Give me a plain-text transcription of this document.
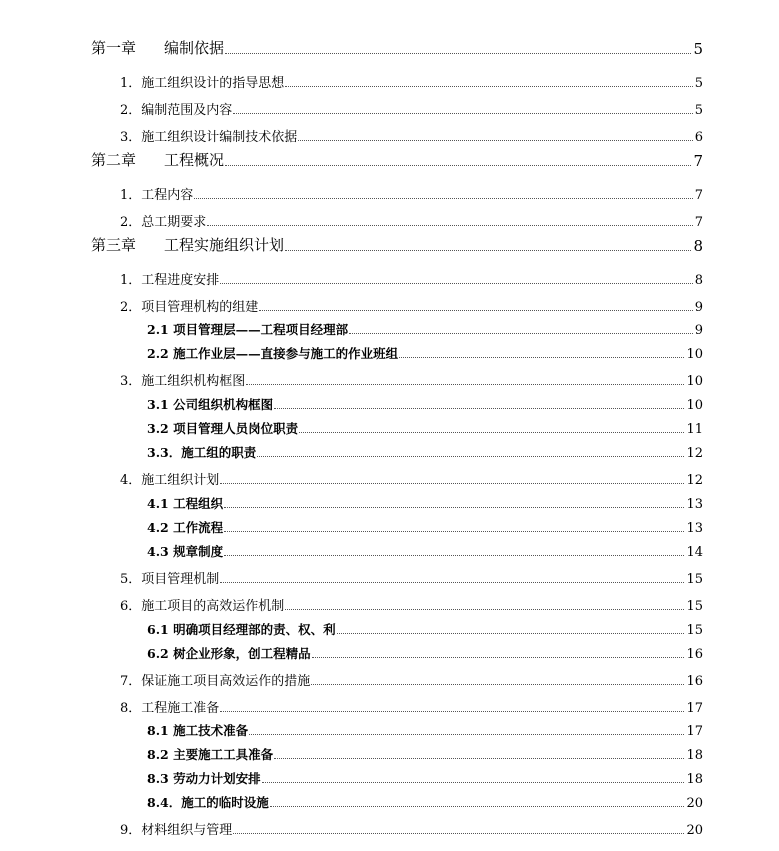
第一章 编制依据	5
1．施工组织设计的指导思想	5
2．编制范围及内容	5
3．施工组织设计编制技术依据	6
第二章 工程概况	7
1．工程内容	7
2．总工期要求	7
第三章 工程实施组织计划	8
1．工程进度安排	8
2．项目管理机构的组建	9
2.1 项目管理层——工程项目经理部	9
2.2 施工作业层——直接参与施工的作业班组	10
3．施工组织机构框图	10
3.1 公司组织机构框图	10
3.2 项目管理人员岗位职责	11
3.3．施工组的职责	12
4．施工组织计划	12
4.1 工程组织	13
4.2 工作流程	13
4.3 规章制度	14
5．项目管理机制	15
6．施工项目的高效运作机制	15
6.1 明确项目经理部的责、权、利	15
6.2 树企业形象，创工程精品	16
7．保证施工项目高效运作的措施	16
8．工程施工准备	17
8.1 施工技术准备	17
8.2 主要施工工具准备	18
8.3 劳动力计划安排	18
8.4．施工的临时设施	20
9．材料组织与管理	20
